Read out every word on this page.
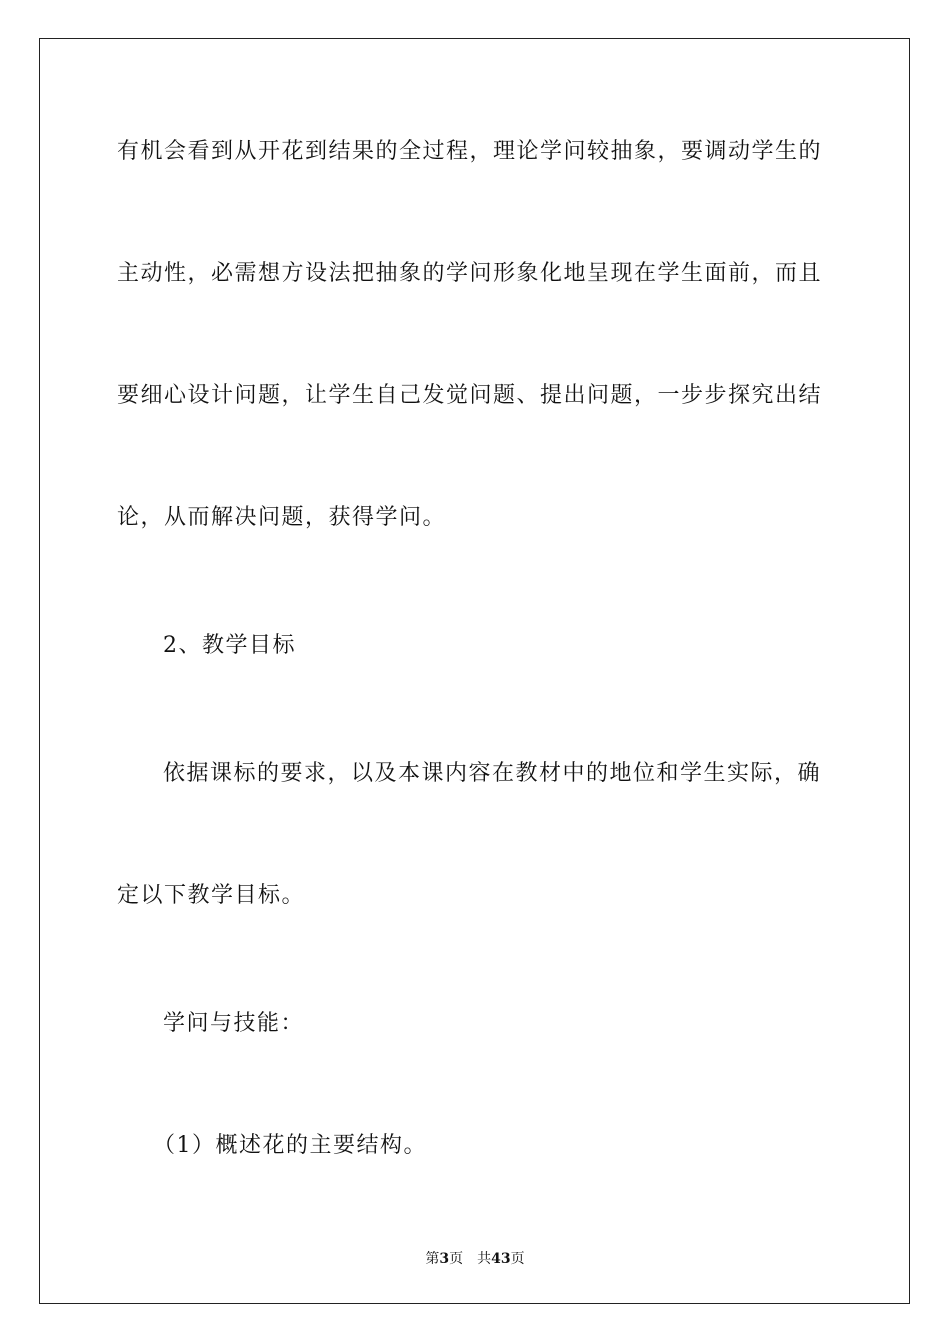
有机会看到从开花到结果的全过程，理论学问较抽象，要调动学生的
主动性，必需想方设法把抽象的学问形象化地呈现在学生面前，而且
要细心设计问题，让学生自己发觉问题、提出问题，一步步探究出结
论，从而解决问题，获得学问。
2、教学目标
依据课标的要求，以及本课内容在教材中的地位和学生实际，确
定以下教学目标。
学问与技能：
（1）概述花的主要结构。
第3页 共43页
